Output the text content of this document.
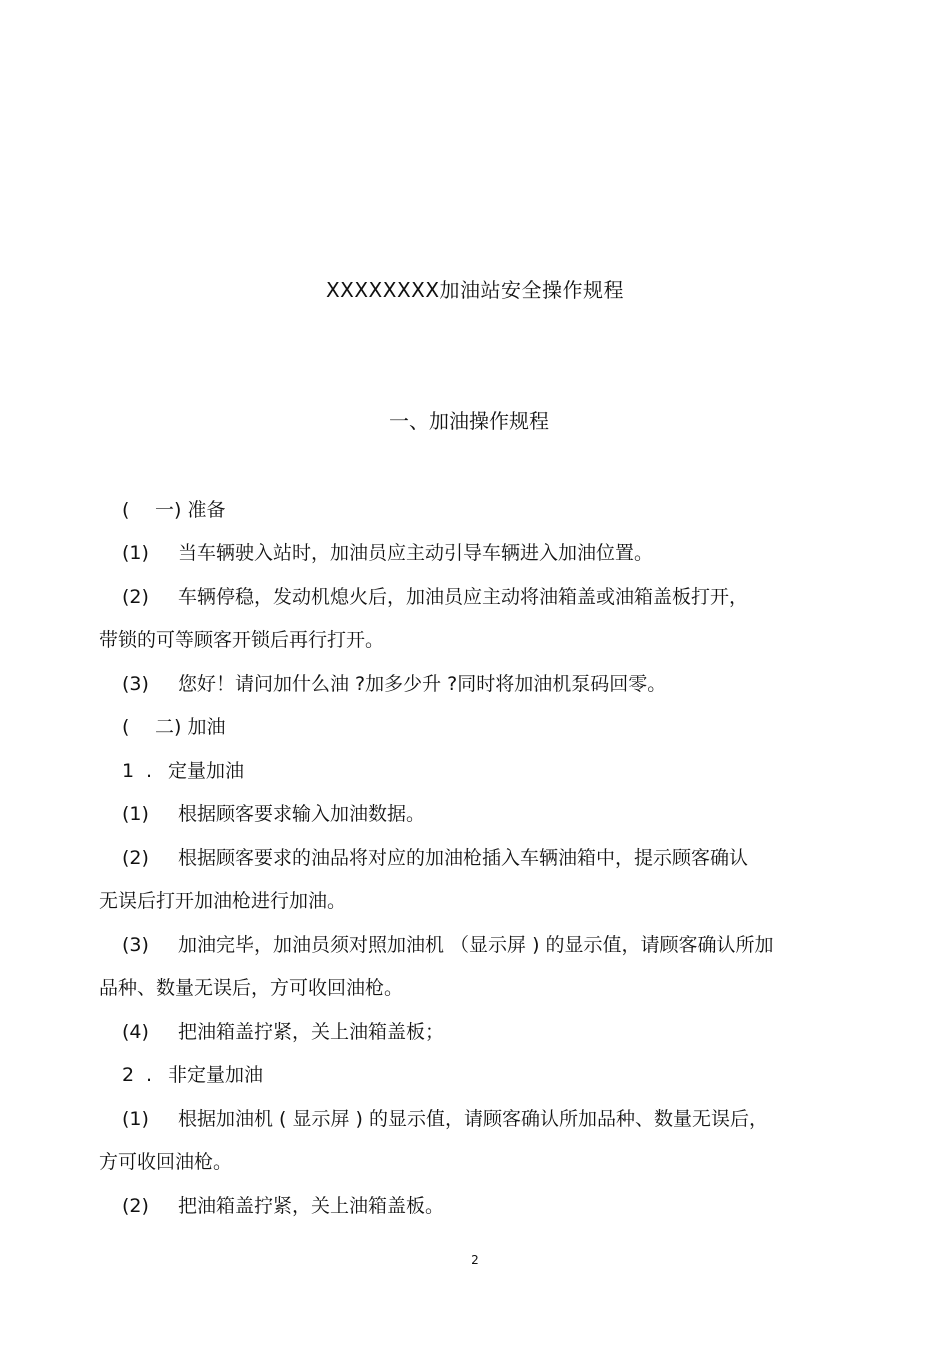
XXXXXXXX加油站安全操作规程
一、加油操作规程
( 一) 准备
(1) 当车辆驶入站时，加油员应主动引导车辆进入加油位置。
(2) 车辆停稳，发动机熄火后，加油员应主动将油箱盖或油箱盖板打开，
带锁的可等顾客开锁后再行打开。
(3) 您好！请问加什么油 ?加多少升 ?同时将加油机泵码回零。
( 二) 加油
1 . 定量加油
(1) 根据顾客要求输入加油数据。
(2) 根据顾客要求的油品将对应的加油枪插入车辆油箱中，提示顾客确认
无误后打开加油枪进行加油。
(3) 加油完毕，加油员须对照加油机 （显示屏 ) 的显示值，请顾客确认所加
品种、数量无误后，方可收回油枪。
(4) 把油箱盖拧紧，关上油箱盖板；
2 . 非定量加油
(1) 根据加油机 ( 显示屏 ) 的显示值，请顾客确认所加品种、数量无误后，
方可收回油枪。
(2) 把油箱盖拧紧，关上油箱盖板。
2
